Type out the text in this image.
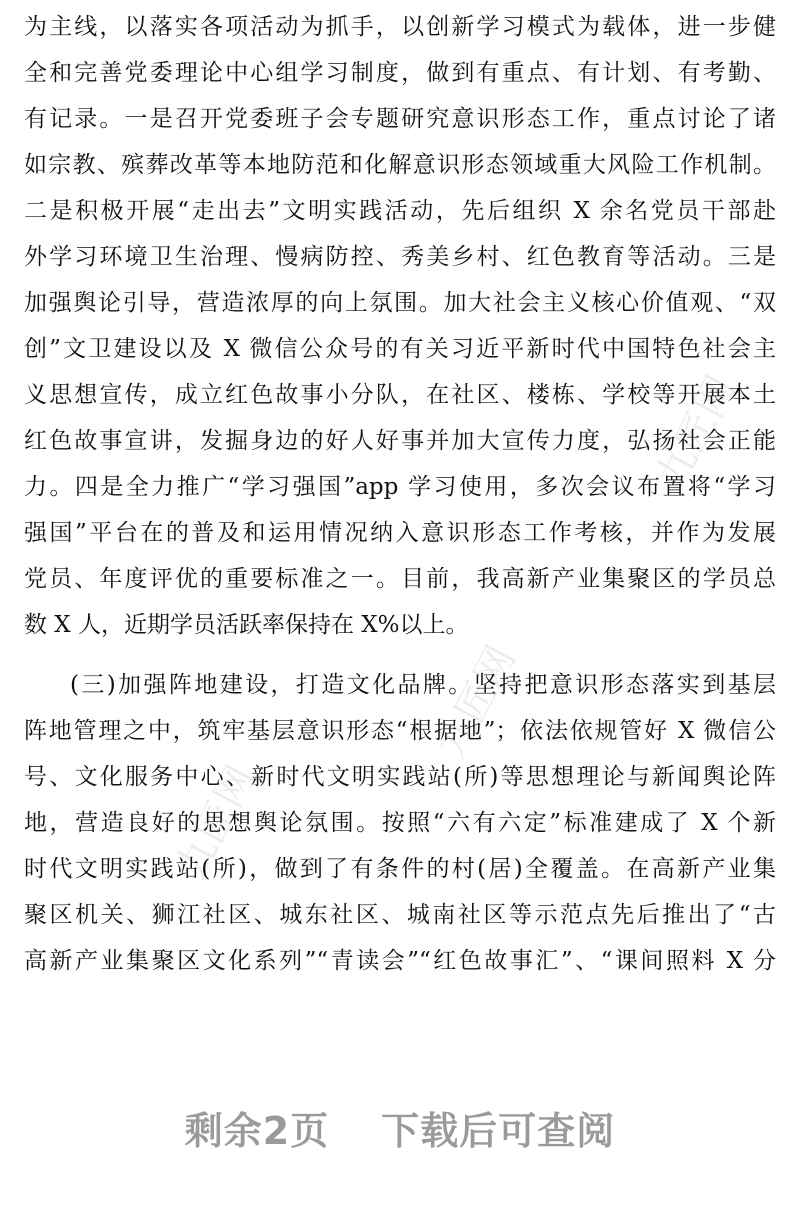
九匠网
九匠网
九匠网
为主线，以落实各项活动为抓手，以创新学习模式为载体，进一步健
全和完善党委理论中心组学习制度，做到有重点、有计划、有考勤、
有记录。一是召开党委班子会专题研究意识形态工作，重点讨论了诸
如宗教、殡葬改革等本地防范和化解意识形态领域重大风险工作机制。
二是积极开展“走出去”文明实践活动，先后组织 X 余名党员干部赴
外学习环境卫生治理、慢病防控、秀美乡村、红色教育等活动。三是
加强舆论引导，营造浓厚的向上氛围。加大社会主义核心价值观、“双
创”文卫建设以及 X 微信公众号的有关习近平新时代中国特色社会主
义思想宣传，成立红色故事小分队，在社区、楼栋、学校等开展本土
红色故事宣讲，发掘身边的好人好事并加大宣传力度，弘扬社会正能
力。四是全力推广“学习强国”app 学习使用，多次会议布置将“学习
强国”平台在的普及和运用情况纳入意识形态工作考核，并作为发展
党员、年度评优的重要标准之一。目前，我高新产业集聚区的学员总
数 X 人，近期学员活跃率保持在 X%以上。
(三)加强阵地建设，打造文化品牌。坚持把意识形态落实到基层
阵地管理之中，筑牢基层意识形态“根据地”；依法依规管好 X 微信公
号、文化服务中心、新时代文明实践站(所)等思想理论与新闻舆论阵
地，营造良好的思想舆论氛围。按照“六有六定”标准建成了 X 个新
时代文明实践站(所)，做到了有条件的村(居)全覆盖。在高新产业集
聚区机关、狮江社区、城东社区、城南社区等示范点先后推出了“古
高新产业集聚区文化系列”“青读会”“红色故事汇”、“课间照料 X 分
剩余2页 下载后可查阅
